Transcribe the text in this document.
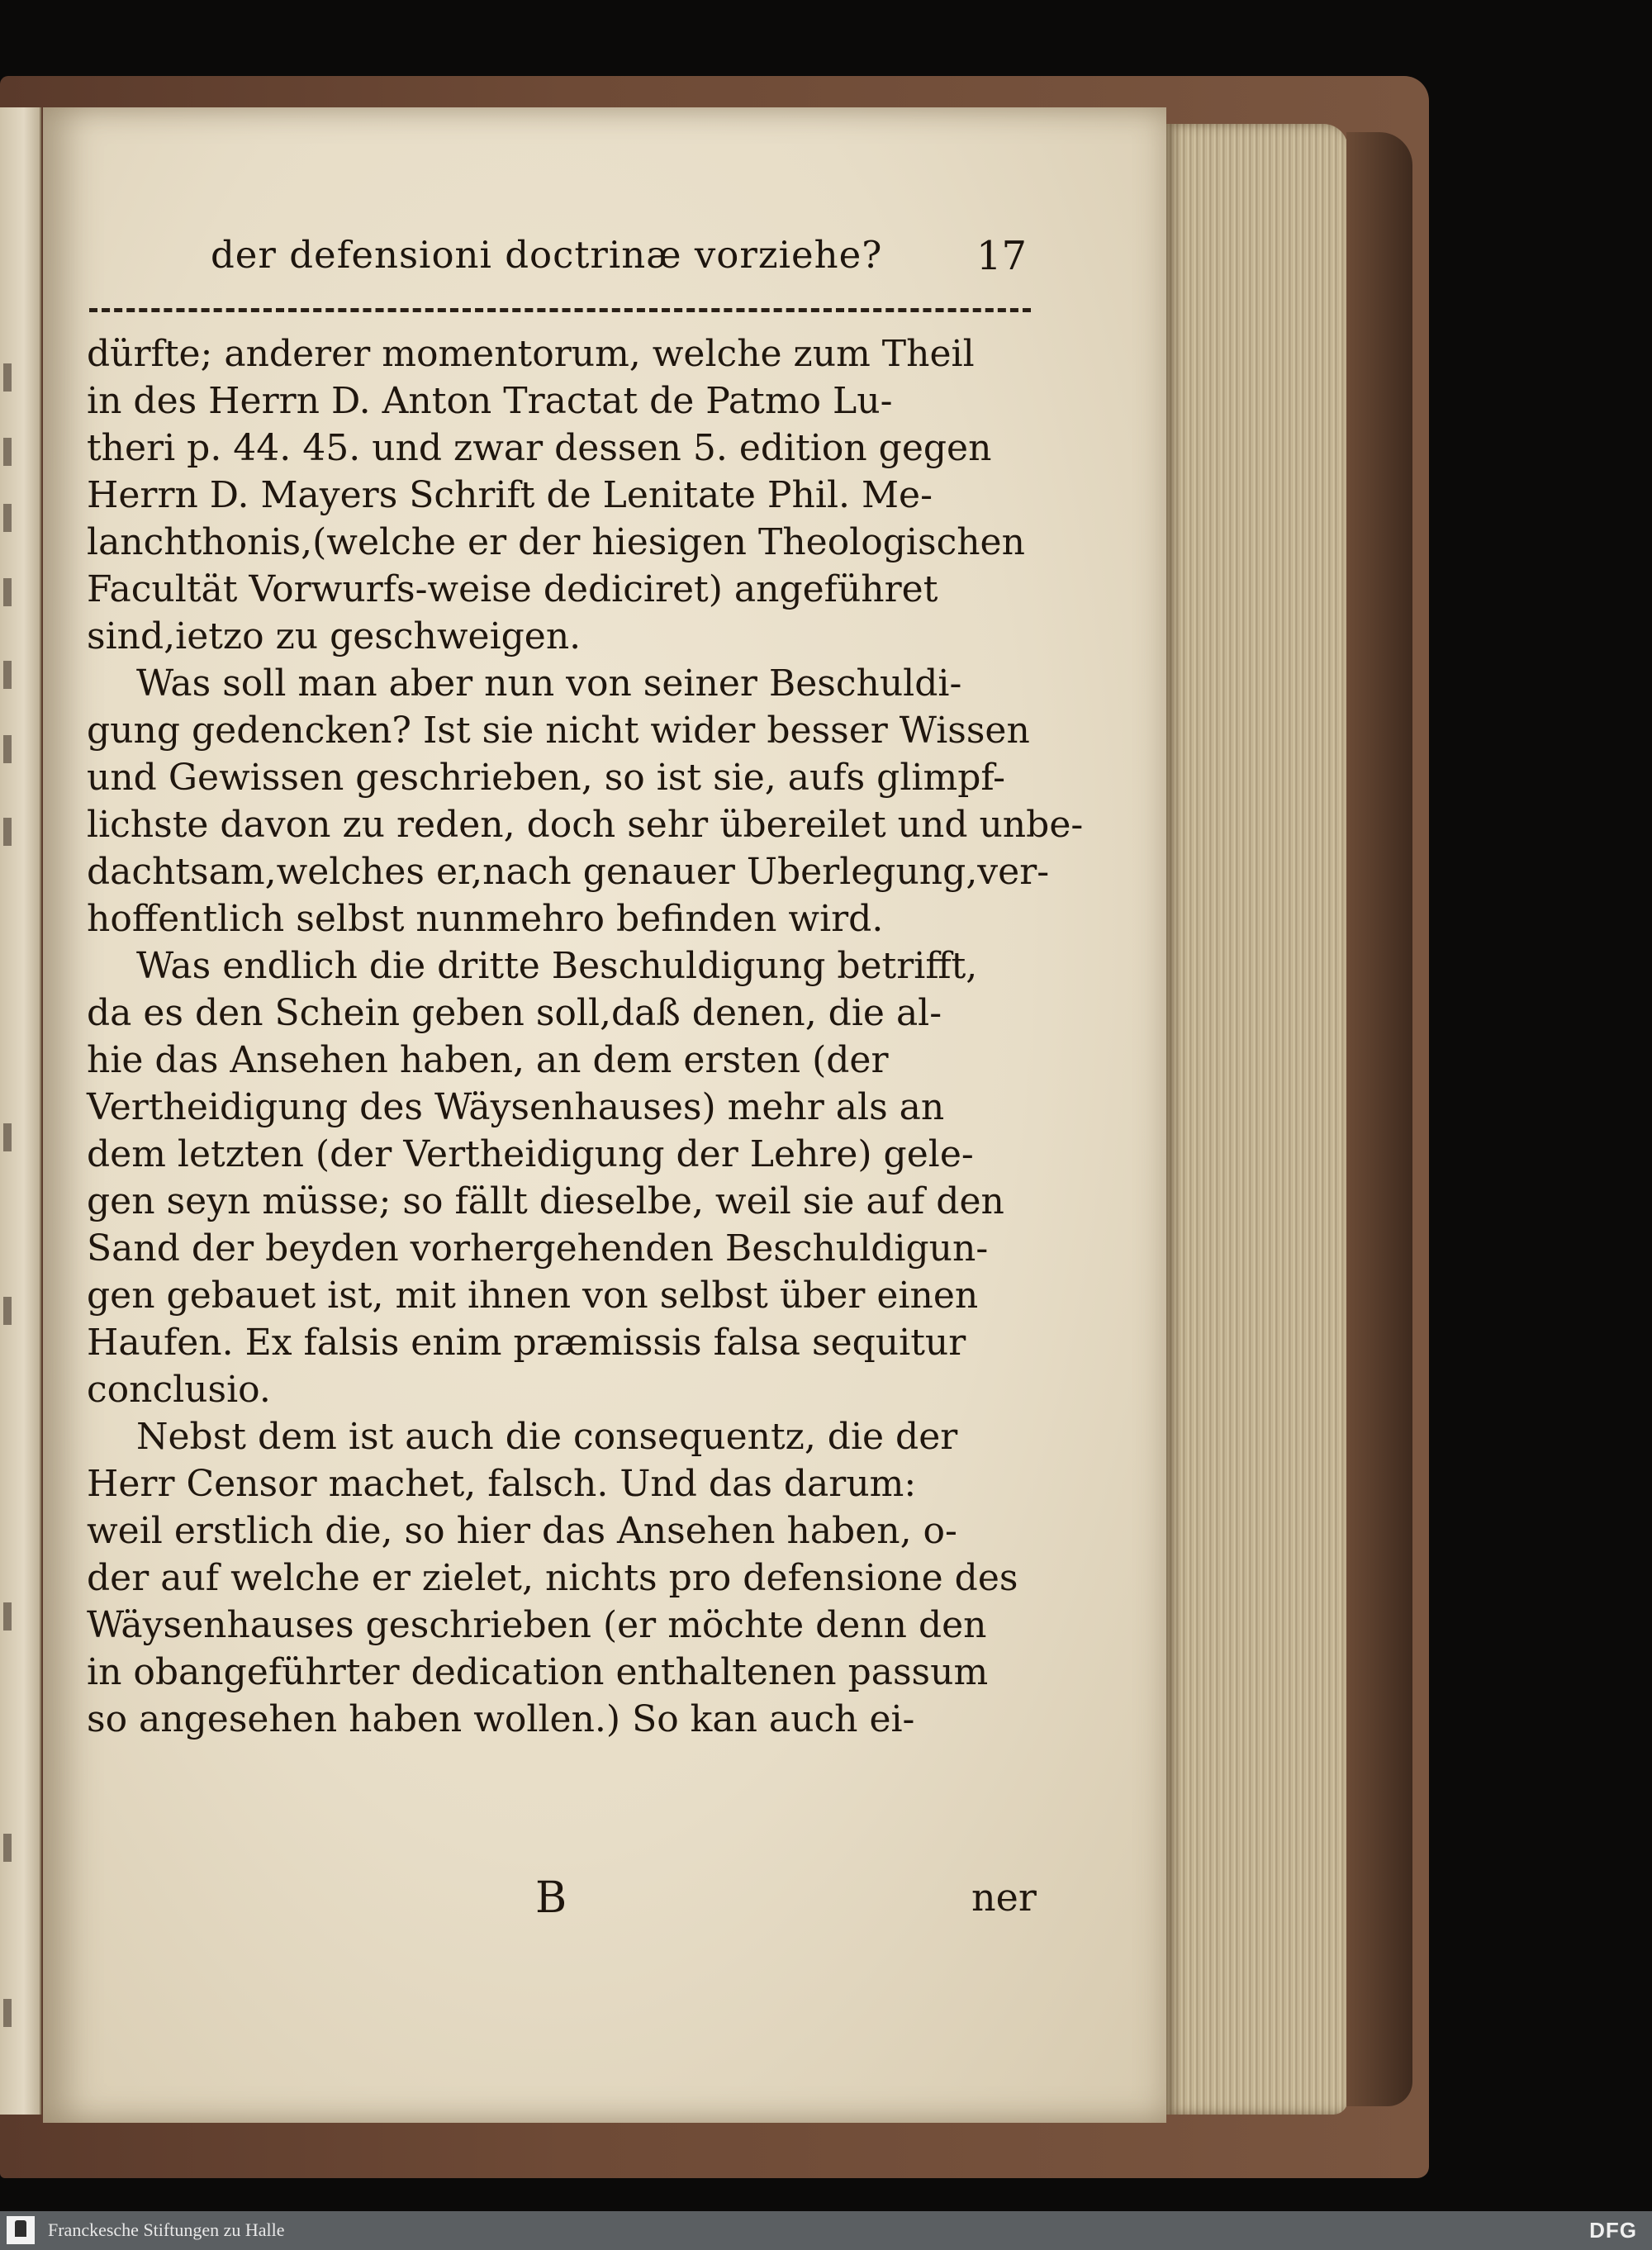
der defensioni doctrinæ vorziehe?	17
dürfte; anderer momentorum, welche zum Theil
in des Herrn D. Anton Tractat de Patmo Lu-
theri p. 44. 45. und zwar dessen 5. edition gegen
Herrn D. Mayers Schrift de Lenitate Phil. Me-
lanchthonis,(welche er der hiesigen Theologischen
Facultät Vorwurfs-weise dediciret) angeführet
sind,ietzo zu geschweigen.
Was soll man aber nun von seiner Beschuldi-
gung gedencken? Ist sie nicht wider besser Wissen
und Gewissen geschrieben, so ist sie, aufs glimpf-
lichste davon zu reden, doch sehr übereilet und unbe-
dachtsam,welches er,nach genauer Uberlegung,ver-
hoffentlich selbst nunmehro befinden wird.
Was endlich die dritte Beschuldigung betrifft,
da es den Schein geben soll,daß denen, die al-
hie das Ansehen haben, an dem ersten (der
Vertheidigung des Wäysenhauses) mehr als an
dem letzten (der Vertheidigung der Lehre) gele-
gen seyn müsse; so fällt dieselbe, weil sie auf den
Sand der beyden vorhergehenden Beschuldigun-
gen gebauet ist, mit ihnen von selbst über einen
Haufen. Ex falsis enim præmissis falsa sequitur
conclusio.
Nebst dem ist auch die consequentz, die der
Herr Censor machet, falsch. Und das darum:
weil erstlich die, so hier das Ansehen haben, o-
der auf welche er zielet, nichts pro defensione des
Wäysenhauses geschrieben (er möchte denn den
in obangeführter dedication enthaltenen passum
so angesehen haben wollen.) So kan auch ei-
B	ner
Franckesche Stiftungen zu Halle	DFG
